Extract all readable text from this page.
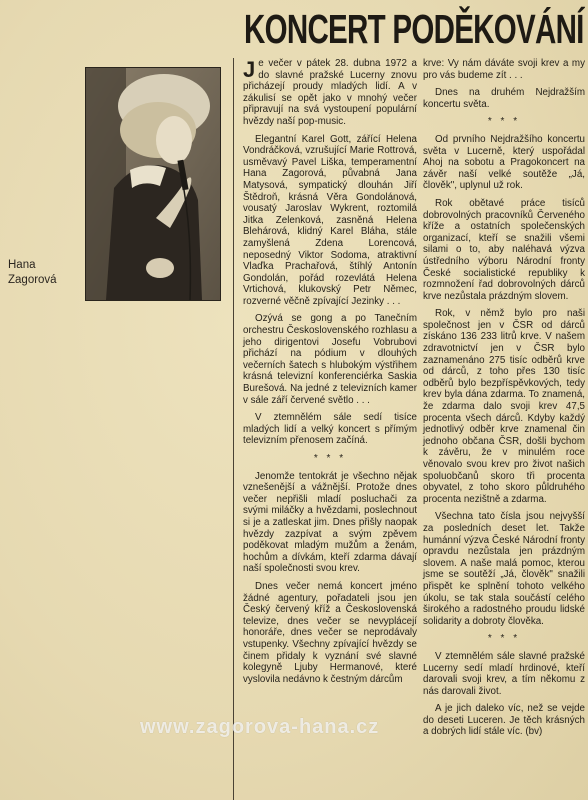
KONCERT PODĚKOVÁNÍ
Hana
Zagorová

Je večer v pátek 28. dubna 1972 a do slavné pražské Lucerny znovu přicházejí proudy mladých lidí. A v zákulisí se opět jako v mnohý večer připravují na svá vystoupení populární hvězdy naší pop-music.

Elegantní Karel Gott, zářící Helena Vondráčková, vzrušující Marie Rottrová, usměvavý Pavel Liška, temperamentní Hana Zagorová, půvabná Jana Matysová, sympatický dlouhán Jiří Štědroň, krásná Věra Gondolánová, vousatý Jaroslav Wykrent, roztomilá Jitka Zelenková, zasněná Helena Blehárová, klidný Karel Bláha, stále zamyšlená Zdena Lorencová, neposedný Viktor Sodoma, atraktivní Vlaďka Prachařová, štíhlý Antonín Gondolán, pořád rozevlátá Helena Vrtichová, klukovský Petr Němec, rozverné věčně zpívající Jezinky . . .

Ozývá se gong a po Tanečním orchestru Československého rozhlasu a jeho dirigentovi Josefu Vobrubovi přichází na pódium v dlouhých večerních šatech s hlubokým výstřihem krásná televizní konferenciérka Saskia Burešová. Na jedné z televizních kamer v sále září červené světlo . . .

V ztemnělém sále sedí tisíce mladých lidí a velký koncert s přímým televizním přenosem začíná.

* * *

Jenomže tentokrát je všechno nějak vznešenější a vážnější. Protože dnes večer nepřišli mladí posluchači za svými miláčky a hvězdami, poslechnout si je a zatleskat jim. Dnes přišly naopak hvězdy zazpívat a svým zpěvem poděkovat mladým mužům a ženám, hochům a dívkám, kteří zdarma dávají naší společnosti svou krev.

Dnes večer nemá koncert jméno žádné agentury, pořadateli jsou jen Český červený kříž a Československá televize, dnes večer se nevyplácejí honoráře, dnes večer se neprodávaly vstupenky. Všechny zpívající hvězdy se činem přidaly k vyznání své slavné kolegyně Ljuby Hermanové, které vyslovila nedávno k čestným dárcům

krve: Vy nám dáváte svoji krev a my pro vás budeme zít . . .

Dnes na druhém Nejdražším koncertu světa.

* * *

Od prvního Nejdražšího koncertu světa v Lucerně, který uspořádal Ahoj na sobotu a Pragokoncert na závěr naší velké soutěže „Já, člověk", uplynul už rok.

Rok obětavé práce tisíců dobrovolných pracovníků Červeného kříže a ostatních společenských organizací, kteří se snažili všemi silami o to, aby naléhavá výzva ústředního výboru Národní fronty České socialistické republiky k rozmnožení řad dobrovolných dárců krve nezůstala prázdným slovem.

Rok, v němž bylo pro naši společnost jen v ČSR od dárců získáno 136 233 litrů krve. V našem zdravotnictví jen v ČSR bylo zaznamenáno 275 tisíc odběrů krve od dárců, z toho přes 130 tisíc odběrů bylo bezpříspěvkových, tedy krev byla dána zdarma. To znamená, že zdarma dalo svoji krev 47,5 procenta všech dárců. Kdyby každý jednotlivý odběr krve znamenal čin jednoho občana ČSR, došli bychom k závěru, že v minulém roce věnovalo svou krev pro život našich spoluobčanů skoro tři procenta obyvatel, z toho skoro půldruhého procenta nezištně a zdarma.

Všechna tato čísla jsou nejvyšší za posledních deset let. Takže humánní výzva České Národní fronty opravdu nezůstala jen prázdným slovem. A naše malá pomoc, kterou jsme se soutěží „Já, člověk" snažili přispět ke splnění tohoto velkého úkolu, se tak stala součástí celého širokého a radostného proudu lidské solidarity a dobroty člověka.

* * *

V ztemnělém sále slavné pražské Lucerny sedí mladí hrdinové, kteří darovali svoji krev, a tím někomu z nás darovali život.

A je jich daleko víc, než se vejde do deseti Luceren. Je těch krásných a dobrých lidí stále víc. (bv)

www.zagorova-hana.cz
